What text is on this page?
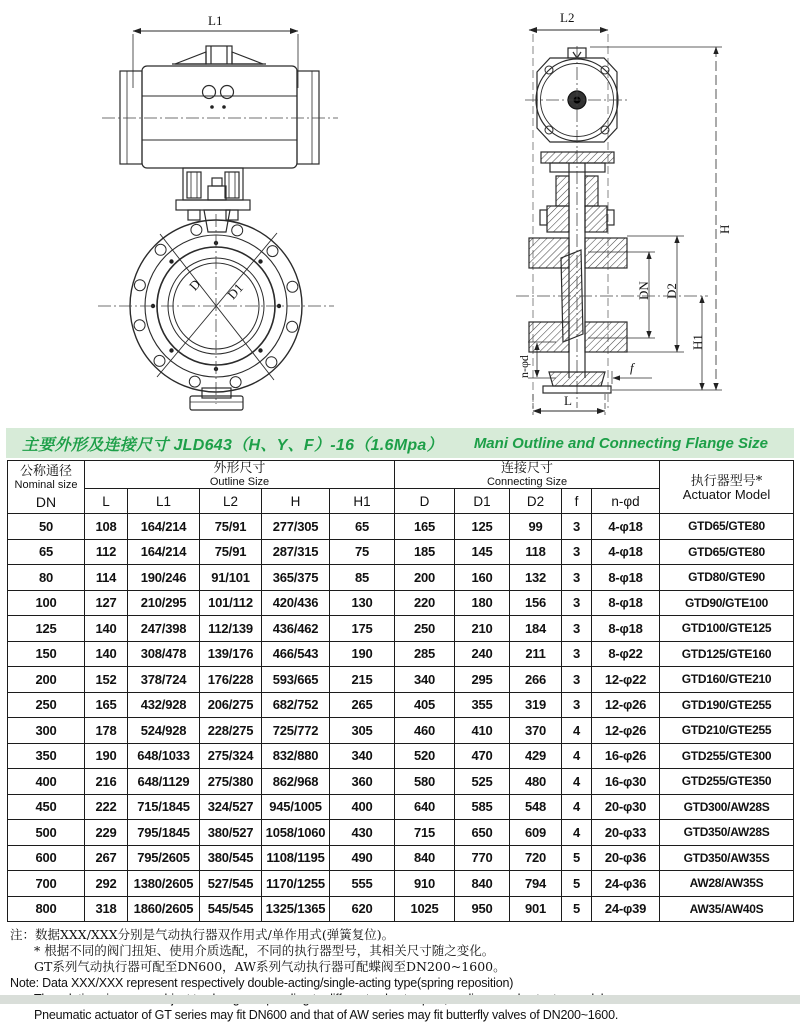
L1
D D1
L2
H
DN D2
H1
f
n-φd
L
主要外形及连接尺寸 JLD643（H、Y、F）-16（1.6Mpa） Mani Outline and Connecting Flange Size
公称通径
Nominal size
DN

外形尺寸
Outline Size

连接尺寸
Connecting Size	执行器型号*
Actuator Model

	L	L1	L2	H	H1	D	D1	D2	f	n-φd	
50	108	164/214	75/91	277/305	65	165	125	99	3	4-φ18	GTD65/GTE80
65	112	164/214	75/91	287/315	75	185	145	118	3	4-φ18	GTD65/GTE80
80	114	190/246	91/101	365/375	85	200	160	132	3	8-φ18	GTD80/GTE90
100	127	210/295	101/112	420/436	130	220	180	156	3	8-φ18	GTD90/GTE100
125	140	247/398	112/139	436/462	175	250	210	184	3	8-φ18	GTD100/GTE125
150	140	308/478	139/176	466/543	190	285	240	211	3	8-φ22	GTD125/GTE160
200	152	378/724	176/228	593/665	215	340	295	266	3	12-φ22	GTD160/GTE210
250	165	432/928	206/275	682/752	265	405	355	319	3	12-φ26	GTD190/GTE255
300	178	524/928	228/275	725/772	305	460	410	370	4	12-φ26	GTD210/GTE255
350	190	648/1033	275/324	832/880	340	520	470	429	4	16-φ26	GTD255/GTE300
400	216	648/1129	275/380	862/968	360	580	525	480	4	16-φ30	GTD255/GTE350
450	222	715/1845	324/527	945/1005	400	640	585	548	4	20-φ30	GTD300/AW28S
500	229	795/1845	380/527	1058/1060	430	715	650	609	4	20-φ33	GTD350/AW28S
600	267	795/2605	380/545	1108/1195	490	840	770	720	5	20-φ36	GTD350/AW35S
700	292	1380/2605	527/545	1170/1255	555	910	840	794	5	24-φ36	AW28/AW35S
800	318	1860/2605	545/545	1325/1365	620	1025	950	901	5	24-φ39	AW35/AW40S
注：数据XXX/XXX分别是气动执行器双作用式/单作用式(弹簧复位)。
* 根据不同的阀门扭矩、使用介质选配，不同的执行器型号，其相关尺寸随之变化。
GT系列气动执行器可配至DN600，AW系列气动执行器可配蝶阀至DN200~1600。
Note: Data XXX/XXX represent respectively double-acting/single-acting type(spring reposition)
Pneumatic actuator of GT series may fit DN600 and that of AW series may fit butterfly valves of DN200~1600.
